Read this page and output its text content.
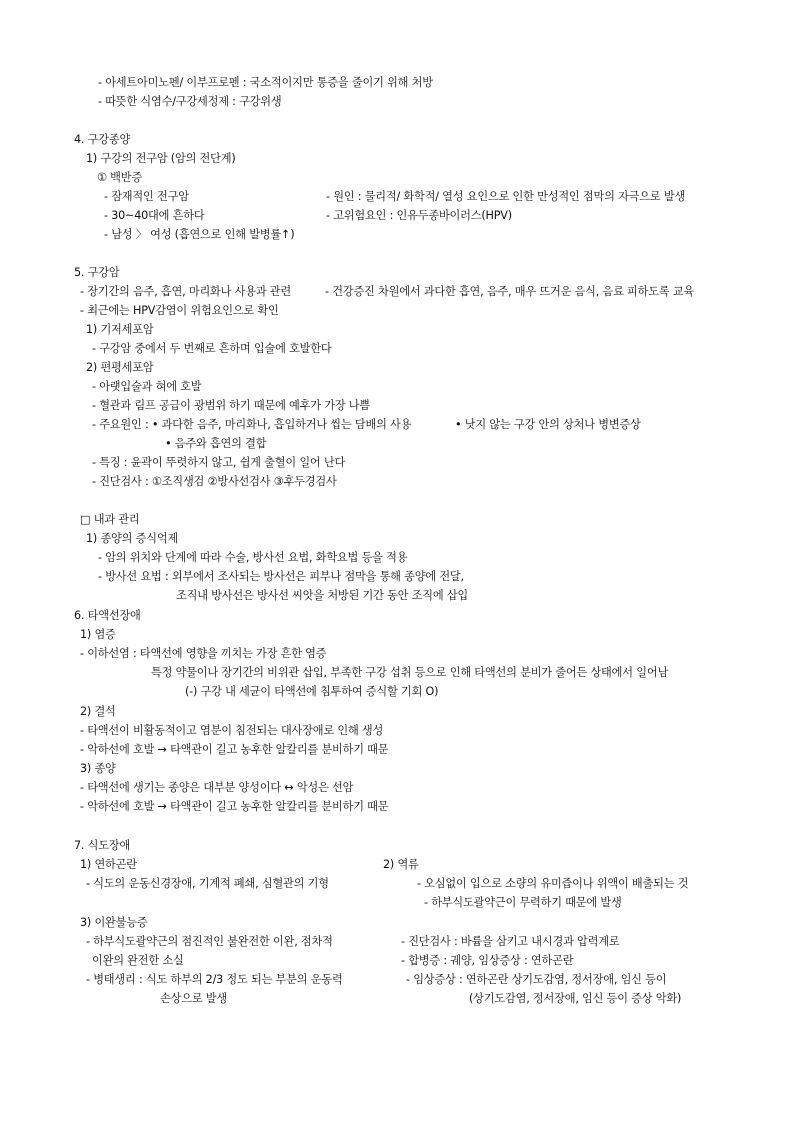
- 아세트아미노펜/ 이부프로펜 : 국소적이지만 통증을 줄이기 위해 처방
- 따뜻한 식염수/구강세정제 : 구강위생
4. 구강종양
1) 구강의 전구암 (암의 전단계)
① 백반증
- 잠재적인 전구암	- 원인 : 물리적/ 화학적/ 열성 요인으로 인한 만성적인 점막의 자극으로 발생
- 30~40대에 흔하다	- 고위험요인 : 인유두종바이러스(HPV)
- 남성 〉 여성 (흡연으로 인해 발병률↑)
5. 구강암
- 장기간의 음주, 흡연, 마리화나 사용과 관련	- 건강증진 차원에서 과다한 흡연, 음주, 매우 뜨거운 음식, 음료 피하도록 교육
- 최근에는 HPV감염이 위험요인으로 확인
1) 기저세포암
- 구강암 중에서 두 번째로 흔하며 입술에 호발한다
2) 편평세포암
- 아랫입술과 혀에 호발
- 혈관과 림프 공급이 광범위 하기 때문에 예후가 가장 나쁨
- 주요원인 : • 과다한 음주, 마리화나, 흡입하거나 씹는 담배의 사용	• 낫지 않는 구강 안의 상처나 병변증상
• 음주와 흡연의 결합
- 특징 : 윤곽이 뚜렷하지 않고, 쉽게 출혈이 일어 난다
- 진단검사 : ①조직생검 ②방사선검사 ③후두경검사
□ 내과 관리
1) 종양의 증식억제
- 암의 위치와 단계에 따라 수술, 방사선 요법, 화학요법 등을 적용
- 방사선 요법 : 외부에서 조사되는 방사선은 피부나 점막을 통해 종양에 전달,
조직내 방사선은 방사선 씨앗을 처방된 기간 동안 조직에 삽입
6. 타액선장애
1) 염증
- 이하선염 : 타액선에 영향을 끼치는 가장 흔한 염증
특정 약물이나 장기간의 비위관 삽입, 부족한 구강 섭취 등으로 인해 타액선의 분비가 줄어든 상태에서 일어남
(-) 구강 내 세균이 타액선에 침투하여 증식할 기회 O)
2) 결석
- 타액선이 비활동적이고 염분이 침전되는 대사장애로 인해 생성
- 악하선에 호발 → 타액관이 길고 농후한 알칼리를 분비하기 때문
3) 종양
- 타액선에 생기는 종양은 대부분 양성이다 ↔ 악성은 선암
- 악하선에 호발 → 타액관이 길고 농후한 알칼리를 분비하기 때문
7. 식도장애
1) 연하곤란	2) 역류
- 식도의 운동신경장애, 기계적 폐쇄, 심혈관의 기형	- 오심없이 입으로 소량의 유미즙이나 위액이 배출되는 것
- 하부식도괄약근이 무력하기 때문에 발생
3) 이완불능증
- 하부식도괄약근의 점진적인 불완전한 이완, 점차적	- 진단검사 : 바륨을 삼키고 내시경과 압력계로
이완의 완전한 소실	- 합병증 : 궤양, 임상증상 : 연하곤란
- 병태생리 : 식도 하부의 2/3 정도 되는 부분의 운동력	- 임상증상 : 연하곤란 상기도감염, 정서장애, 임신 등이
손상으로 발생	(상기도감염, 정서장애, 임신 등이 증상 악화)
